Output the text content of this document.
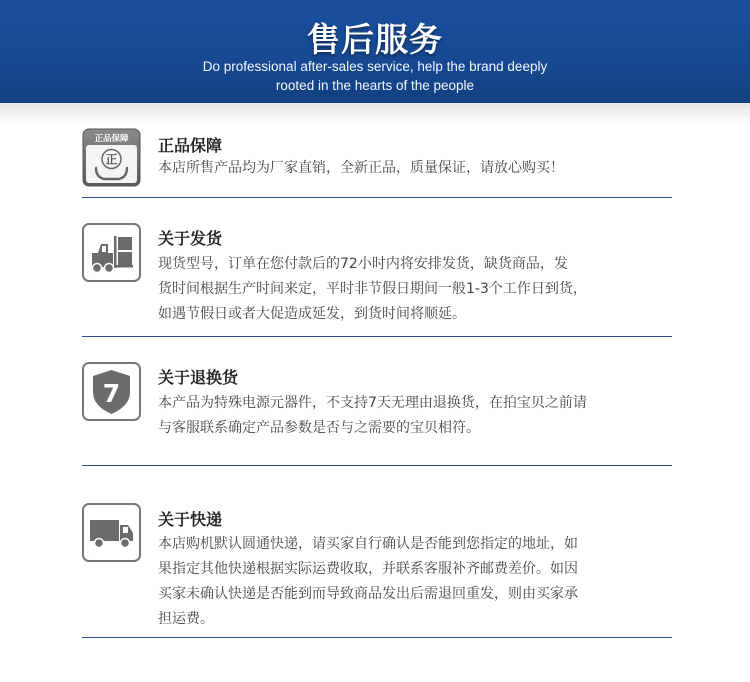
售后服务
Do professional after-sales service, help the brand deeply
rooted in the hearts of the people
正品保障
正
正品保障
本店所售产品均为厂家直销，全新正品，质量保证，请放心购买！
关于发货
现货型号，订单在您付款后的72小时内将安排发货，缺货商品，发
货时间根据生产时间来定，平时非节假日期间一般1-3个工作日到货，
如遇节假日或者大促造成延发，到货时间将顺延。
7
关于退换货
本产品为特殊电源元器件，不支持7天无理由退换货，在拍宝贝之前请
与客服联系确定产品参数是否与之需要的宝贝相符。
关于快递
本店购机默认圆通快递，请买家自行确认是否能到您指定的地址，如
果指定其他快递根据实际运费收取，并联系客服补齐邮费差价。如因
买家未确认快递是否能到而导致商品发出后需退回重发，则由买家承
担运费。
